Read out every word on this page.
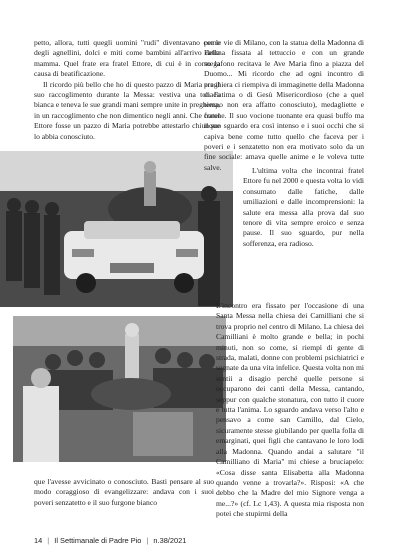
petto, allora, tutti quegli uomini "rudi" diventavano come degli agnellini, dolci e miti come bambini all'arrivo della mamma. Quel frate era fratel Ettore, di cui è in corso la causa di beatificazione.

Il ricordo più bello che ho di questo pazzo di Maria era il suo raccoglimento durante la Messa: vestiva una tonaca bianca e teneva le sue grandi mani sempre unite in preghiera, in un raccoglimento che non dimentico negli anni. Che fratel Ettore fosse un pazzo di Maria potrebbe attestarlo chiunque lo abbia conosciuto.

per le vie di Milano, con la statua della Madonna di Fatima fissata al tettuccio e con un grande megafono recitava le Ave Maria fino a piazza del Duomo... Mi ricordo che ad ogni incontro di preghiera ci riempiva di immaginette della Madonna di Fatima o di Gesù Misericordioso (che a quel tempo non era affatto conosciuto), medagliette e corone. Il suo vocione tuonante era quasi buffo ma il suo sguardo era così intenso e i suoi occhi che si capiva bene come tutto quello che faceva per i poveri e i senzatetto non era motivato solo da un fine sociale: amava quelle anime e le voleva tutte salve.	L'ultima volta che incontrai fratel Ettore fu nel 2000 e questa volta lo vidi consumato dalle fatiche, dalle umiliazioni e dalle incomprensioni: la salute era messa alla prova dal suo tenore di vita sempre eroico e senza pause. Il suo sguardo, pur nella sofferenza, era radioso.

L'incontro era fissato per l'occasione di una Santa Messa nella chiesa dei Camilliani che si trova proprio nel centro di Milano. La chiesa dei Camilliani è molto grande e bella; in pochi minuti, non so come, si riempì di gente di strada, malati, donne con problemi psichiatrici e segnate da una vita infelice. Questa volta non mi sentii a disagio perché quelle persone si occuparono dei canti della Messa, cantando, seppur con qualche stonatura, con tutto il cuore e tutta l'anima. Lo sguardo andava verso l'alto e pensavo a come san Camillo, dal Cielo, sicuramente stesse giubilando per quella folla di emarginati, quei figli che cantavano le loro lodi alla Madonna. Quando andai a salutare "il Camilliano di Maria" mi chiese a bruciapelo: «Cosa disse santa Elisabetta alla Madonna quando venne a trovarla?». Risposi: «A che debbo che la Madre del mio Signore venga a me...?» (cf. Lc 1,43). A questa mia risposta non potei che stupirmi della

que l'avesse avvicinato o conosciuto. Basti pensare al suo modo coraggioso di evangelizzare: andava con i suoi poveri senzatetto e il suo furgone bianco

14 | Il Settimanale di Padre Pio | n.38/2021
